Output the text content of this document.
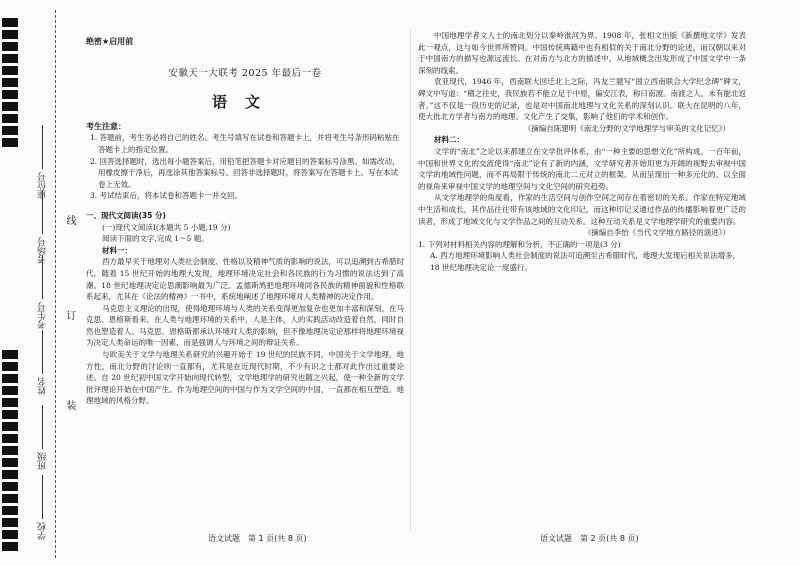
座位号
考场号
考生号
姓名
班级
学校
线
订
装
绝密★启用前
安徽天一大联考 2025 年最后一卷
语文
考生注意：

1. 答题前，考生务必将自己的姓名、考生号填写在试卷和答题卡上，并将考生号条形码粘贴在答题卡上的指定位置。

2. 回答选择题时，选出每小题答案后，用铅笔把答题卡对应题目的答案标号涂黑。如需改动，用橡皮擦干净后，再选涂其他答案标号。回答非选择题时，将答案写在答题卡上。写在本试卷上无效。

3. 考试结束后，将本试卷和答题卡一并交回。

一、现代文阅读(35 分)
(一)现代文阅读Ⅰ(本题共 5 小题,19 分)
阅读下面的文字,完成 1～5 题。
材料一：

西方最早关于地理对人类社会制度、性格以及精神气质的影响的说法，可以追溯到古希腊时代。随着 15 世纪开始的地理大发现，地理环境决定社会和各民族的行为习惯的说法达到了高潮。18 世纪地理决定论思潮影响最为广泛。孟德斯鸠把地理环境同各民族的精神面貌和性格联系起来，尤其在《论法的精神》一书中，系统地阐述了地理环境对人类精神的决定作用。

马克思主义理论的出现，使得地理环境与人类的关系变得更加复杂也更加丰富和深刻。在马克思、恩格斯看来，在人类与地理环境的关系中，人是主体，人的实践活动改造着自然，同时自然也塑造着人。马克思、恩格斯都承认环境对人类的影响，但不像地理决定论那样将地理环境视为决定人类命运的唯一因素，而是强调人与环境之间的辩证关系。

与欧美关于文学与地理关系研究的兴趣开始于 19 世纪的民族不同，中国关于文学地理、地方性、南北分野的讨论则一直都有，尤其是在近现代时期，不少有识之士都对此作出过重要论述。自 20 世纪初中国文学开始向现代转型，文学地理学的研究也随之兴起，使一种全新的文学批评理论开始在中国产生。作为地理空间的中国与作为文学空间的中国，一直都在相互塑造。地理地域的风格分野。

语文试题　第 1 页(共 8 页)

中国地理学者文人士的南北划分以秦岭淮河为界。1908 年，张相文出版《新撰地文学》发表此一观点，这与如今世界所赞同。中国传统典籍中也有相似的关于南北分野的论述，而汉朝以来对于中国南方的描写也源远流长。在对南方与北方的描述中，从地域概念出发形成了中国文学中一条深刻的线索。

袁亚现代，1946 年，西南联大回迁北上之际，冯友兰题写“国立西南联合大学纪念碑”碑文，碑文中写道：“稽之往史，我民族若不能立足于中原，偏安江表，称曰南渡。南渡之人，未有能北返者。”这不仅是一段历史的记录，也是对中国南北地理与文化关系的深刻认识。联大在昆明的八年，使大批北方学者与南方的地理、文化产生了交集，影响了他们的学术和创作。

（摘编自陈建明《南北分野的文学地理学与审美的文化记忆》）

材料二：

文学的“南北”之论以来都建立在文学批评体系，由“一种主要的思想文化”所构成。一百年前，中国和世界文化的交流使得“南北”论有了新的内涵，文学研究者开始用更为开阔的视野去审视中国文学的地域性问题，而不再局限于传统的南北二元对立的框架。从而呈现出一种多元化的、以全面的视角来审视中国文学的地理空间与文化空间的研究趋势。

从文学地理学的角度看，作家的生活空间与创作空间之间存在着密切的关系。作家在特定地域中生活和成长，其作品往往带有该地域的文化印记，而这种印记又通过作品的传播影响着更广泛的读者，形成了地域文化与文学作品之间的互动关系。这种互动关系是文学地理学研究的重要内容。

（摘编自李怡《当代文学地方路径的演进》）

1. 下列对材料相关内容的理解和分析，不正确的一项是(3 分)

A. 西方地理环境影响人类社会制度的说法可追溯至古希腊时代，地理大发现后相关说法增多，18 世纪地理决定论一度盛行。

语文试题　第 2 页(共 8 页)
